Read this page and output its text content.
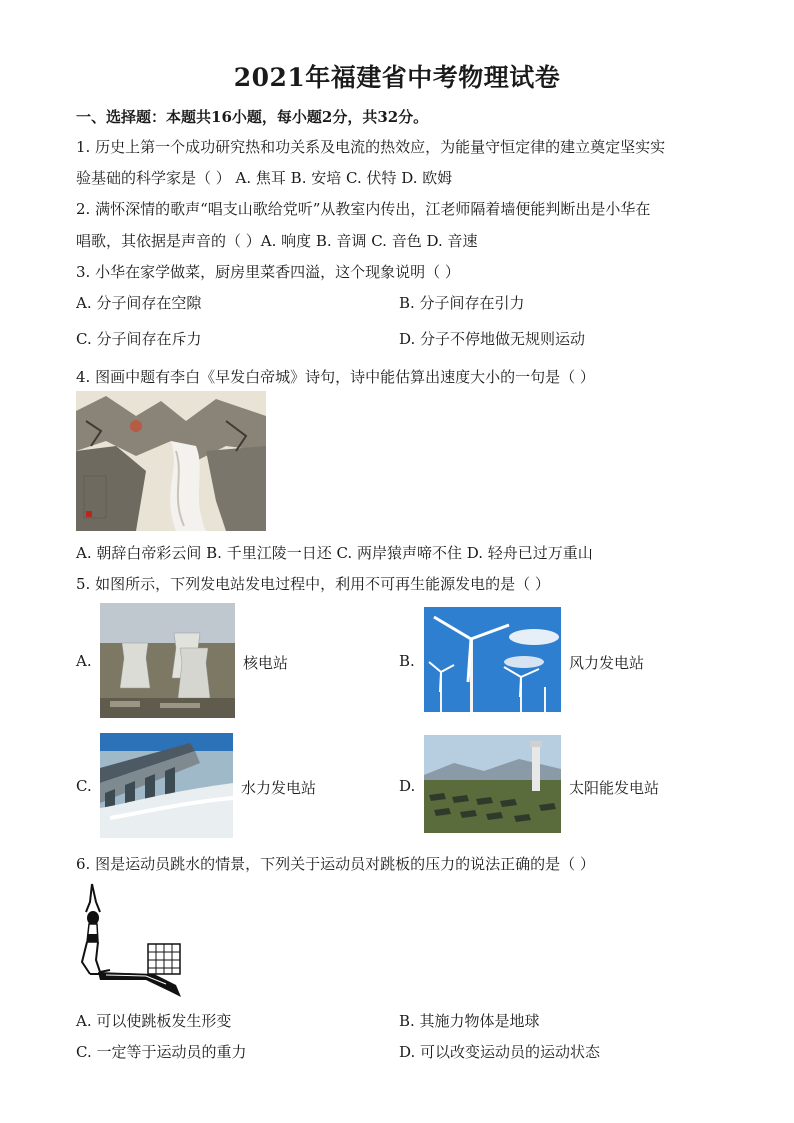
2021年福建省中考物理试卷
一、选择题：本题共16小题，每小题2分，共32分。
1. 历史上第一个成功研究热和功关系及电流的热效应，为能量守恒定律的建立奠定坚实实
验基础的科学家是（ ） A. 焦耳 B. 安培 C. 伏特 D. 欧姆
2. 满怀深情的歌声“唱支山歌给党听”从教室内传出，江老师隔着墙便能判断出是小华在
唱歌，其依据是声音的（ ）A. 响度 B. 音调 C. 音色 D. 音速
3. 小华在家学做菜，厨房里菜香四溢，这个现象说明（ ）
A. 分子间存在空隙	B. 分子间存在引力
C. 分子间存在斥力	D. 分子不停地做无规则运动
4. 图画中题有李白《早发白帝城》诗句，诗中能估算出速度大小的一句是（ ）
A. 朝辞白帝彩云间 B. 千里江陵一日还 C. 两岸猿声啼不住 D. 轻舟已过万重山
5. 如图所示，下列发电站发电过程中，利用不可再生能源发电的是（ ）
A.	核电站	B.	风力发电站
C.	水力发电站	D.	太阳能发电站
6. 图是运动员跳水的情景，下列关于运动员对跳板的压力的说法正确的是（ ）
A. 可以使跳板发生形变	B. 其施力物体是地球
C. 一定等于运动员的重力	D. 可以改变运动员的运动状态
